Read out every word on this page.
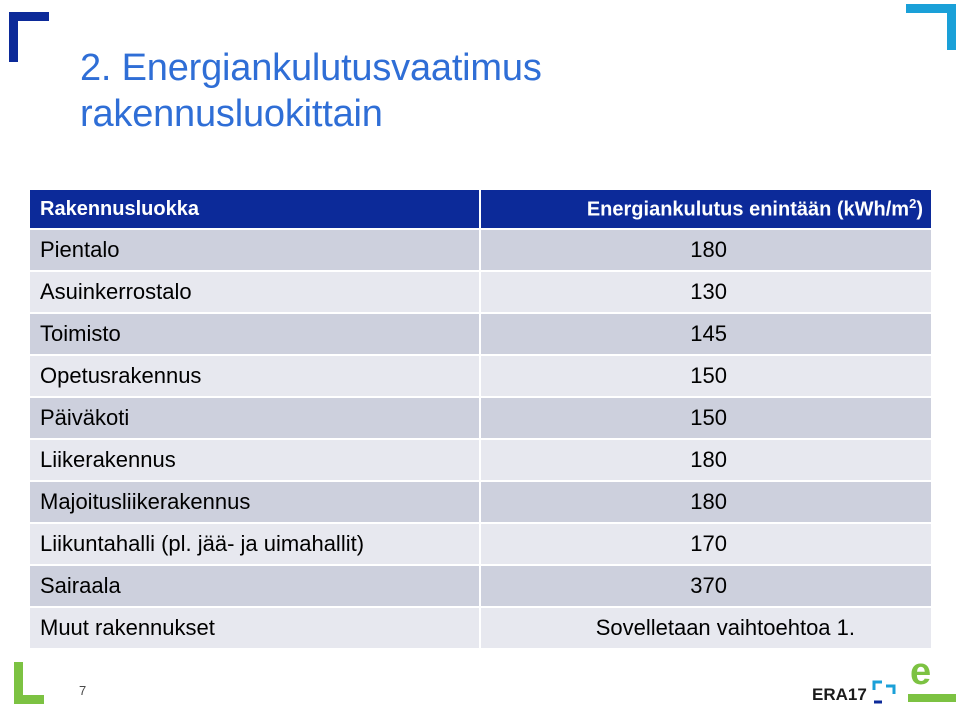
2. Energiankulutusvaatimus
rakennusluokittain
Rakennusluokka	Energiankulutus enintään $(kWh/m^2)$
Pientalo	180
Asuinkerrostalo	130
Toimisto	145
Opetusrakennus	150
Päiväkoti	150
Liikerakennus	180
Majoitusliikerakennus	180
Liikuntahalli (pl. jää- ja uimahallit)	170
Sairaala	370
Muut rakennukset	Sovelletaan vaihtoehtoa 1.
7	ERA17
e
